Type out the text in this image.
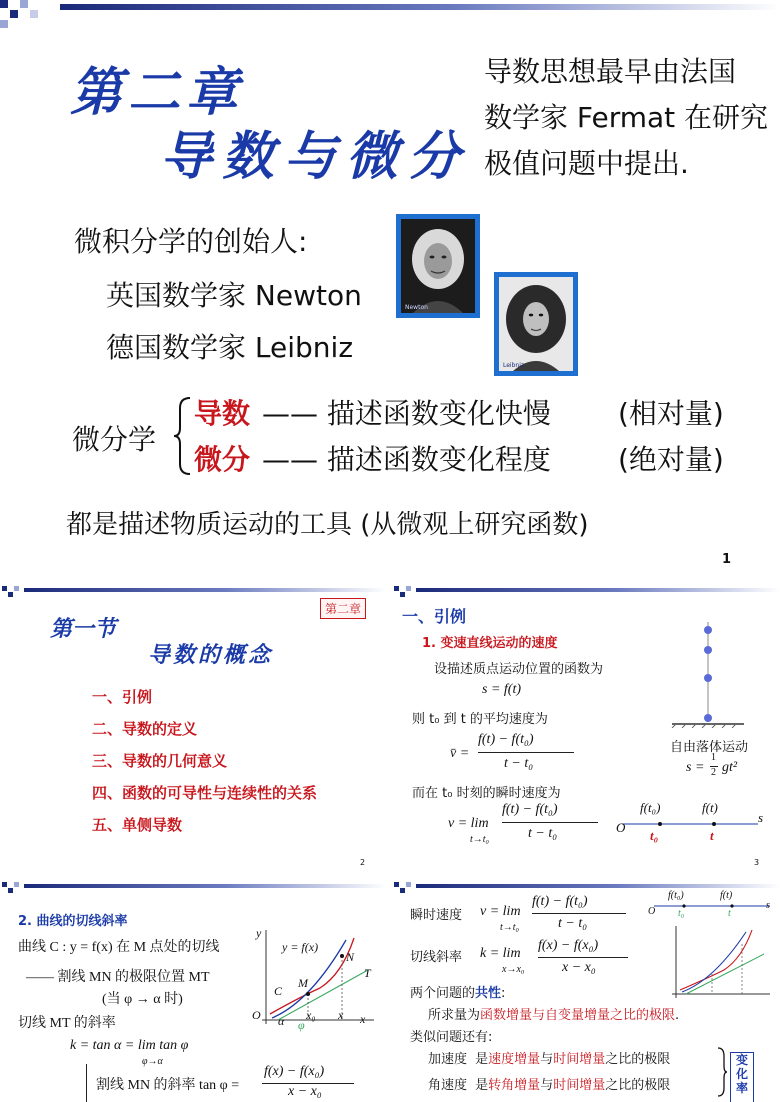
第二章
导数与微分
导数思想最早由法国
数学家 Fermat 在研究
极值问题中提出.
微积分学的创始人:
英国数学家 Newton
德国数学家 Leibniz
Newton
Leibniz
微分学
导数 —— 描述函数变化快慢 (相对量)
微分 —— 描述函数变化程度 (绝对量)
都是描述物质运动的工具 (从微观上研究函数)
1
第二章
第一节
导数的概念
一、引例
二、导数的定义
三、导数的几何意义
四、函数的可导性与连续性的关系
五、单侧导数
2
一、引例
1. 变速直线运动的速度
设描述质点运动位置的函数为
s = f(t)
则 t₀ 到 t 的平均速度为
v̄ =
f(t) − f(t₀)
t − t₀
而在 t₀ 时刻的瞬时速度为
v = lim
t→t₀
f(t) − f(t₀)
t − t₀
自由落体运动
s =
1
2 gt²
O
s
f(t₀)	f(t)
t₀	t
3
2. 曲线的切线斜率
曲线 C : y = f(x) 在 M 点处的切线
—— 割线 MN 的极限位置 MT
(当 φ → α 时)
切线 MT 的斜率
k = tan α = lim tan φ
φ→α
割线 MN 的斜率 tan φ =
f(x) − f(x₀)
x − x₀
y
y = f(x)
N
T
M
C
O α φ
x₀ x x
瞬时速度 v = lim
t→t₀
f(t) − f(t₀)
t − t₀
切线斜率 k = lim
x→x₀
f(x) − f(x₀)
x − x₀
两个问题的共性:
所求量为函数增量与自变量增量之比的极限.
类似问题还有:
加速度 是速度增量与时间增量之比的极限
角速度 是转角增量与时间增量之比的极限
变化率
f(t₀)	f(t)
O t₀	t
s
